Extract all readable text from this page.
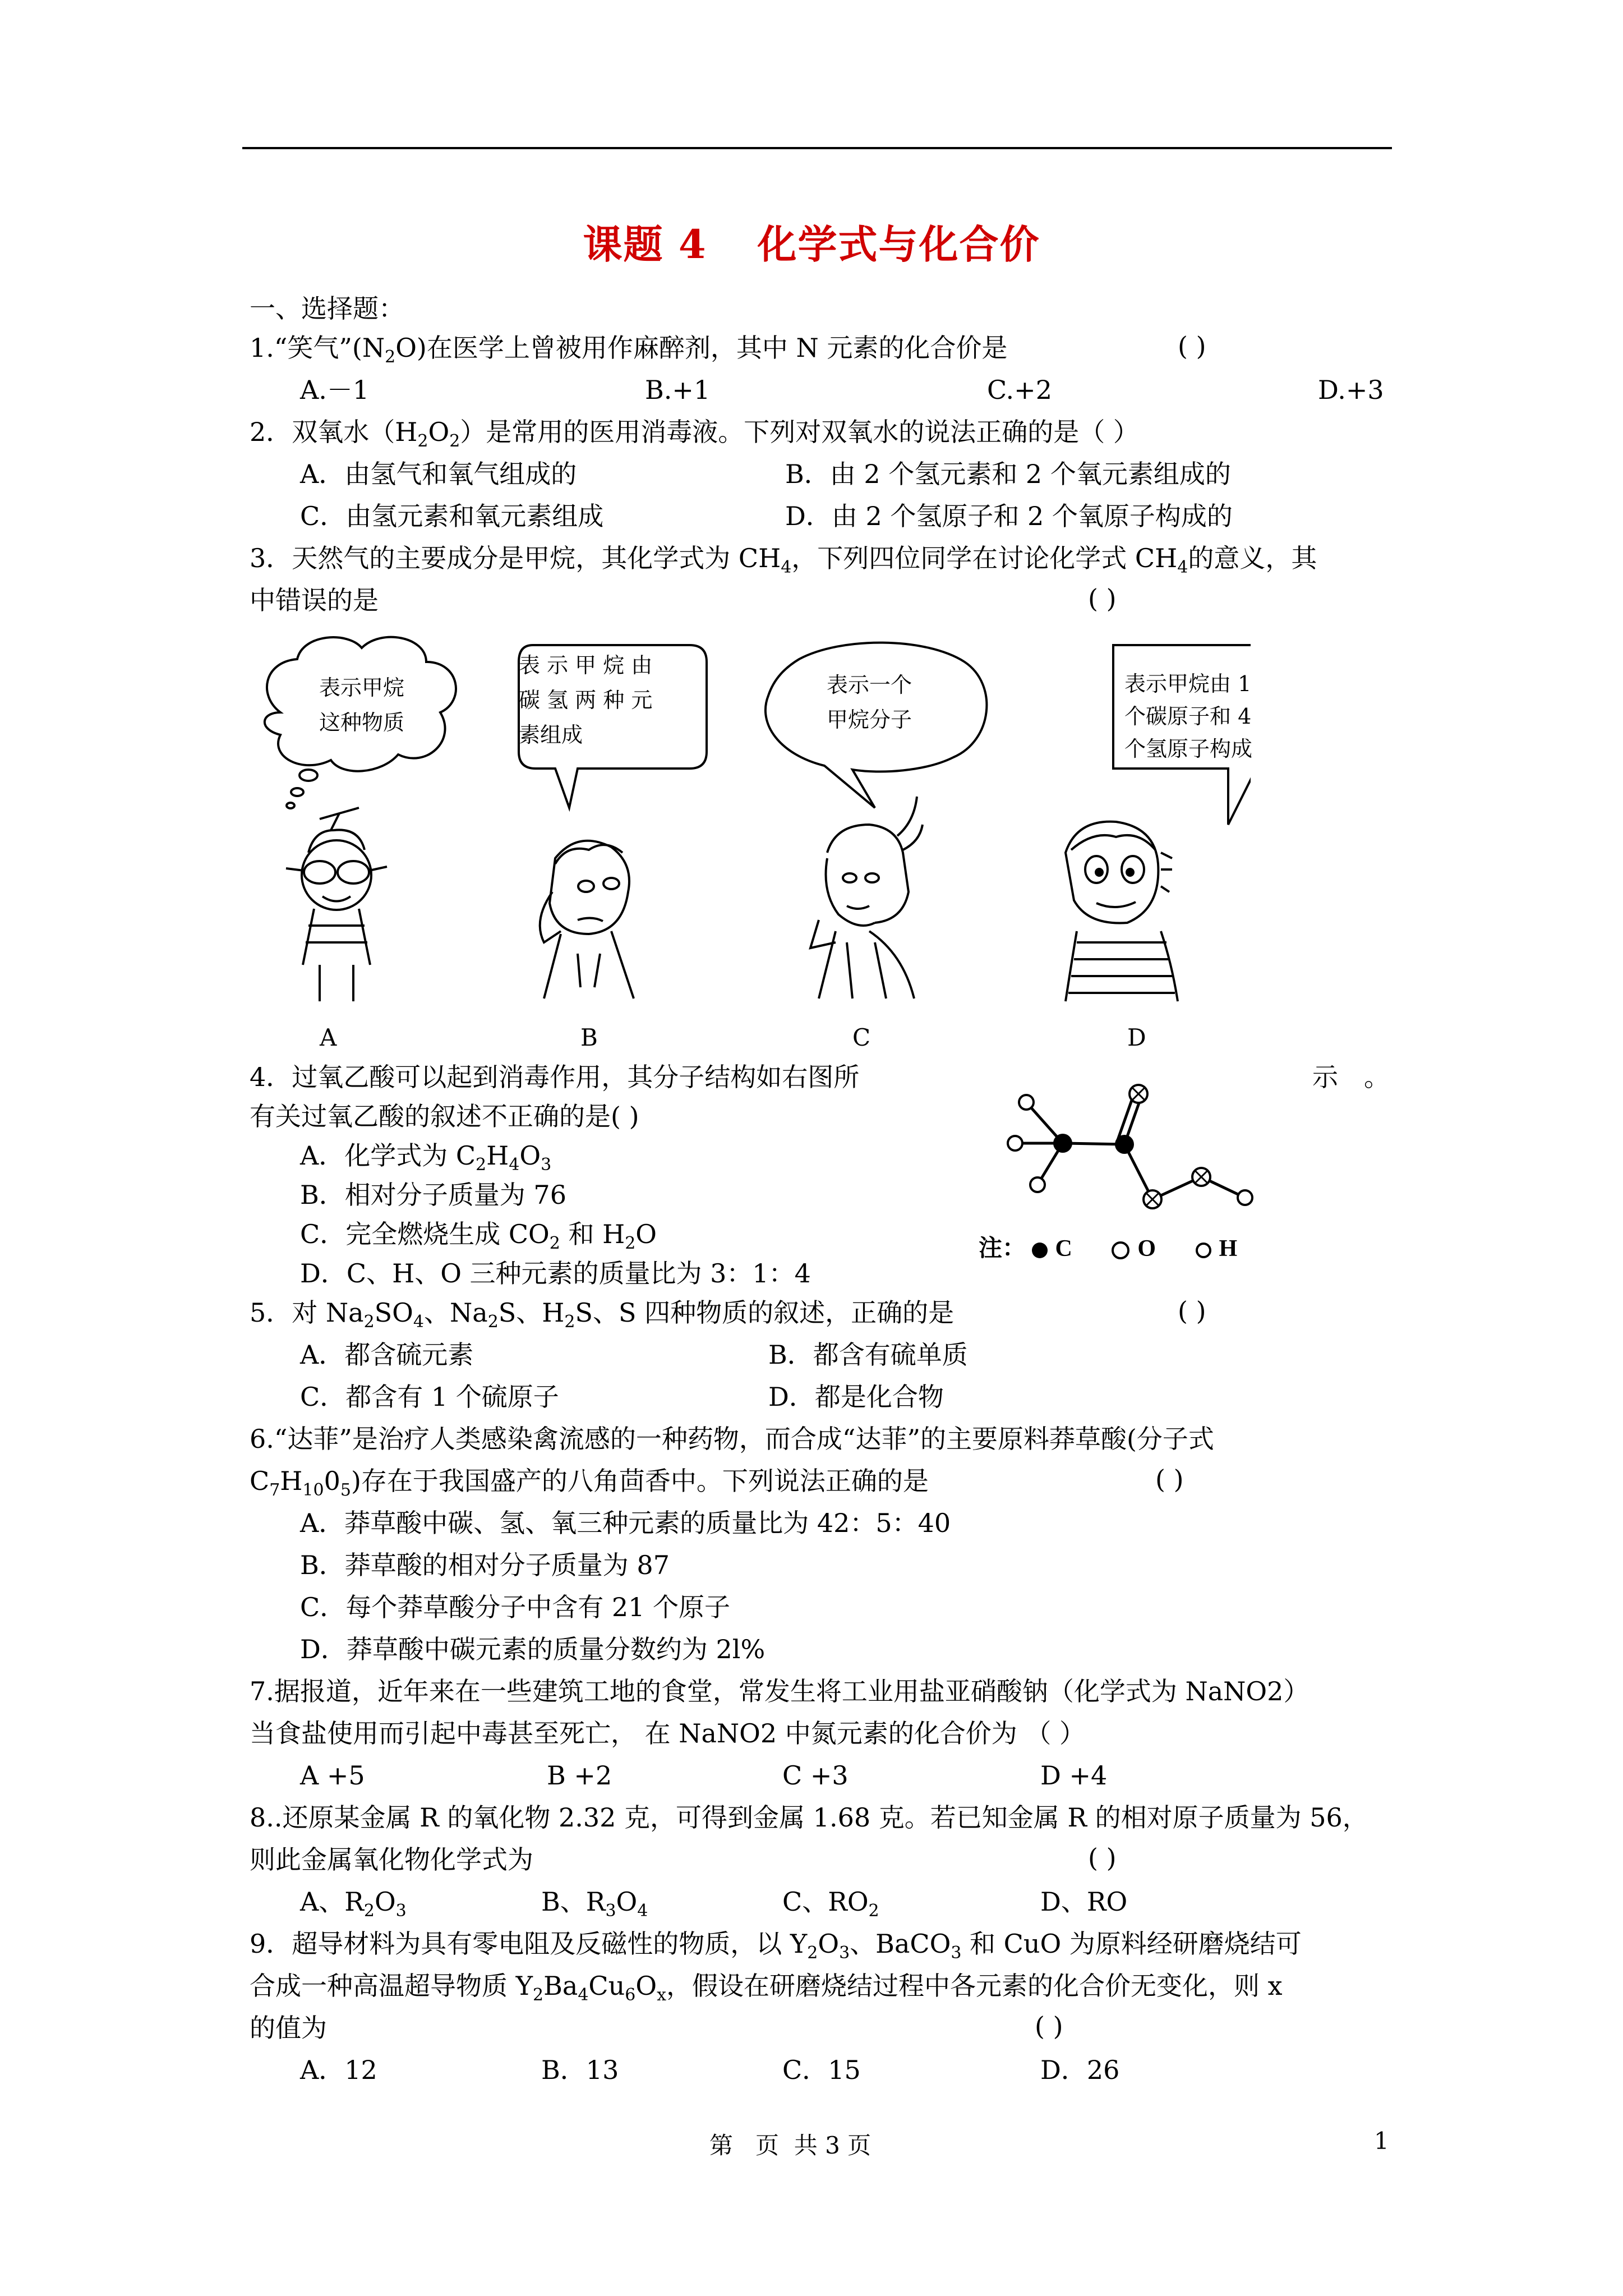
课题 4 化学式与化合价
一、选择题：
1.“笑气$”(N_2O)$在医学上曾被用作麻醉剂，其中 N 元素的化合价是	( )
A.－1	B.+1	C.+2	D.+3
2．双氧水$(H_2O_2)$是常用的医用消毒液。下列对双氧水的说法正确的是（ ）
A．由氢气和氧气组成的	B．由 2 个氢元素和 2 个氧元素组成的
C．由氢元素和氧元素组成	D．由 2 个氢原子和 2 个氧原子构成的
3．天然气的主要成分是甲烷，其化学式为 $CH_4$，下列四位同学在讨论化学式 $CH_4$的意义，其
中错误的是	( )
表示甲烷
这种物质
表 示 甲 烷 由
碳 氢 两 种 元
素组成
表示一个
甲烷分子
表示甲烷由 1
个碳原子和 4
个氢原子构成
A	B	C	D
4．过氧乙酸可以起到消毒作用，其分子结构如右图所	示　。
有关过氧乙酸的叙述不正确的是( )
A．化学式为 $C_2H_4O_3$
B．相对分子质量为 76
C．完全燃烧生成 $CO_2$ 和 $H_2O$
D．C、H、O 三种元素的质量比为 3：1：4
注： C	O	H
5．对 $Na_2SO_4$、$Na_2S$、$H_2S$、S 四种物质的叙述，正确的是	( )
A．都含硫元素	B．都含有硫单质
C．都含有 1 个硫原子	D．都是化合物
6.“达菲”是治疗人类感染禽流感的一种药物，而合成“达菲”的主要原料莽草酸(分子式
$C_7H_{10}0_5$)存在于我国盛产的八角茴香中。下列说法正确的是	( )
A．莽草酸中碳、氢、氧三种元素的质量比为 42：5：40
B．莽草酸的相对分子质量为 87
C．每个莽草酸分子中含有 21 个原子
D．莽草酸中碳元素的质量分数约为 2l%
7.据报道，近年来在一些建筑工地的食堂，常发生将工业用盐亚硝酸钠（化学式为 NaNO2）
当食盐使用而引起中毒甚至死亡， 在 NaNO2 中氮元素的化合价为 （ ）
A +5	B +2	C +3	D +4
8..还原某金属 R 的氧化物 2.32 克，可得到金属 1.68 克。若已知金属 R 的相对原子质量为 56，
则此金属氧化物化学式为	( )
A、$R_2O_3$	B、$R_3O_4$	C、$RO_2$	D、RO
9．超导材料为具有零电阻及反磁性的物质，以 $Y_2O_3$、BaCO$_3$ 和 CuO 为原料经研磨烧结可
合成一种高温超导物质 $Y_2Ba_4Cu_6O_x$，假设在研磨烧结过程中各元素的化合价无变化，则 x
的值为	( )
A．12	B．13	C．15	D．26
第   页  共 3 页	1
